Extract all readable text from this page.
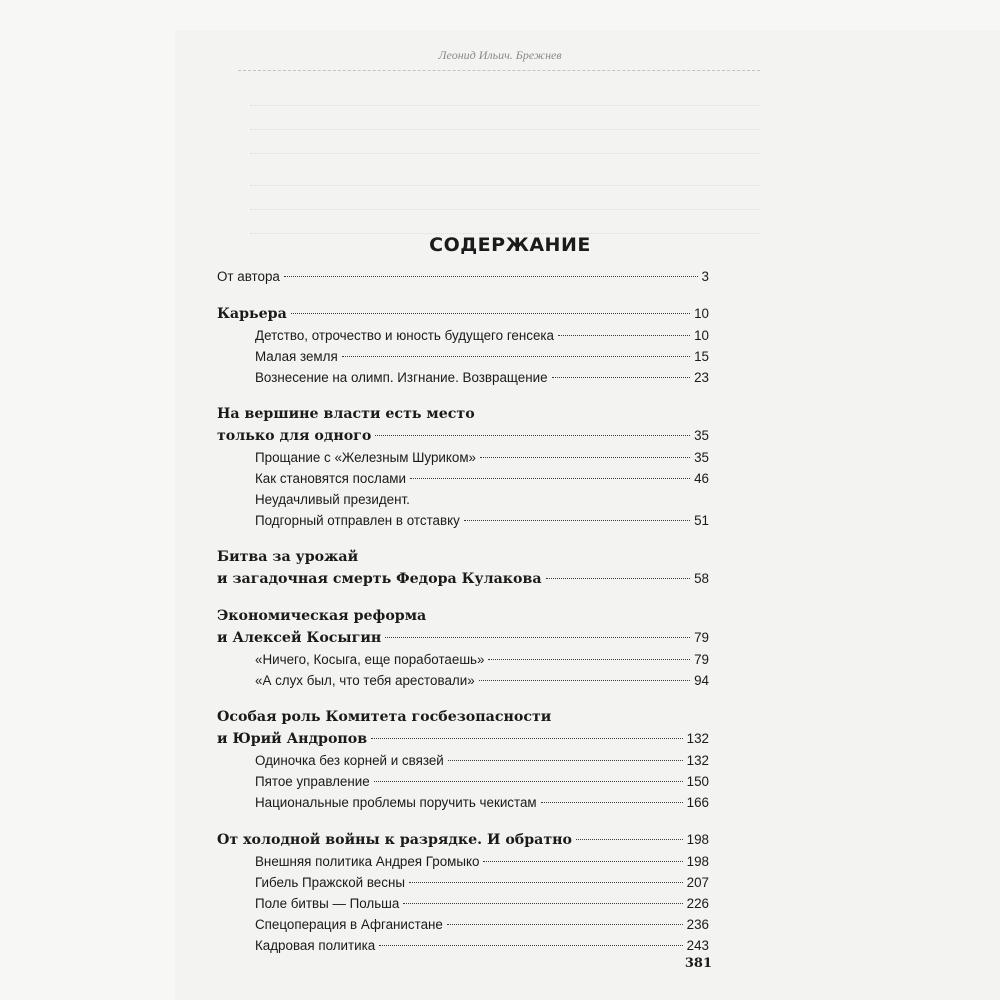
Леонид Ильич. Брежнев
СОДЕРЖАНИЕ
От автора	3
Карьера	10
Детство, отрочество и юность будущего генсека	10
Малая земля	15
Вознесение на олимп. Изгнание. Возвращение	23
На вершине власти есть место
только для одного	35
Прощание с «Железным Шуриком»	35
Как становятся послами	46
Неудачливый президент.
Подгорный отправлен в отставку	51
Битва за урожай
и загадочная смерть Федора Кулакова	58
Экономическая реформа
и Алексей Косыгин	79
«Ничего, Косыга, еще поработаешь»	79
«А слух был, что тебя арестовали»	94
Особая роль Комитета госбезопасности
и Юрий Андропов	132
Одиночка без корней и связей	132
Пятое управление	150
Национальные проблемы поручить чекистам	166
От холодной войны к разрядке. И обратно	198
Внешняя политика Андрея Громыко	198
Гибель Пражской весны	207
Поле битвы — Польша	226
Спецоперация в Афганистане	236
Кадровая политика	243
381
